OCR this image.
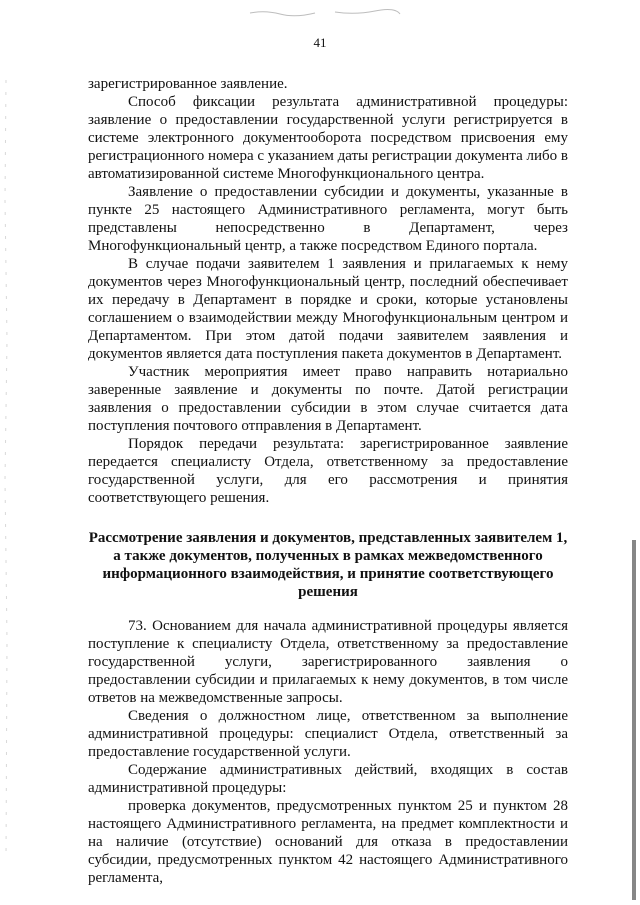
41

зарегистрированное заявление.

Способ фиксации результата административной процедуры: заявление о предоставлении государственной услуги регистрируется в системе электронного документооборота посредством присвоения ему регистрационного номера с указанием даты регистрации документа либо в автоматизированной системе Многофункционального центра.

Заявление о предоставлении субсидии и документы, указанные в пункте 25 настоящего Административного регламента, могут быть представлены непосредственно в Департамент, через Многофункциональный центр, а также посредством Единого портала.

В случае подачи заявителем 1 заявления и прилагаемых к нему документов через Многофункциональный центр, последний обеспечивает их передачу в Департамент в порядке и сроки, которые установлены соглашением о взаимодействии между Многофункциональным центром и Департаментом. При этом датой подачи заявителем заявления и документов является дата поступления пакета документов в Департамент.

Участник мероприятия имеет право направить нотариально заверенные заявление и документы по почте. Датой регистрации заявления о предоставлении субсидии в этом случае считается дата поступления почтового отправления в Департамент.

Порядок передачи результата: зарегистрированное заявление передается специалисту Отдела, ответственному за предоставление государственной услуги, для его рассмотрения и принятия соответствующего решения.

Рассмотрение заявления и документов, представленных заявителем 1, а также документов, полученных в рамках межведомственного информационного взаимодействия, и принятие соответствующего решения

73. Основанием для начала административной процедуры является поступление к специалисту Отдела, ответственному за предоставление государственной услуги, зарегистрированного заявления о предоставлении субсидии и прилагаемых к нему документов, в том числе ответов на межведомственные запросы.

Сведения о должностном лице, ответственном за выполнение административной процедуры: специалист Отдела, ответственный за предоставление государственной услуги.

Содержание административных действий, входящих в состав административной процедуры:

проверка документов, предусмотренных пунктом 25 и пунктом 28 настоящего Административного регламента, на предмет комплектности и на наличие (отсутствие) оснований для отказа в предоставлении субсидии, предусмотренных пунктом 42 настоящего Административного регламента,
